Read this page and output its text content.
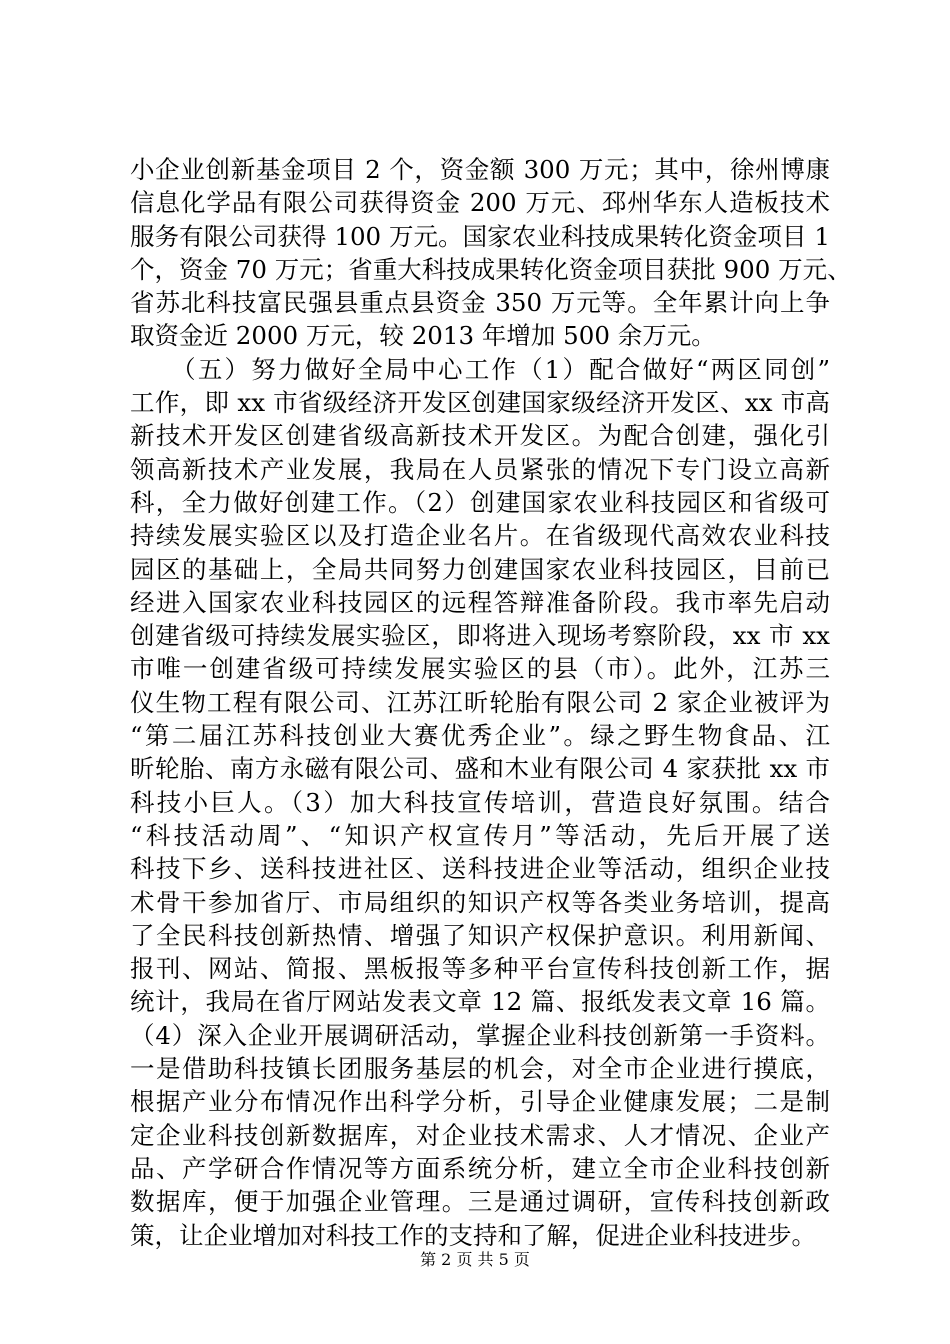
小企业创新基金项目 2 个，资金额 300 万元；其中，徐州博康
信息化学品有限公司获得资金 200 万元、邳州华东人造板技术
服务有限公司获得 100 万元。国家农业科技成果转化资金项目 1
个，资金 70 万元；省重大科技成果转化资金项目获批 900 万元、
省苏北科技富民强县重点县资金 350 万元等。全年累计向上争
取资金近 2000 万元，较 2013 年增加 500 余万元。
　　（五）努力做好全局中心工作（1）配合做好“两区同创”
工作，即 xx 市省级经济开发区创建国家级经济开发区、xx 市高
新技术开发区创建省级高新技术开发区。为配合创建，强化引
领高新技术产业发展，我局在人员紧张的情况下专门设立高新
科，全力做好创建工作。（2）创建国家农业科技园区和省级可
持续发展实验区以及打造企业名片。在省级现代高效农业科技
园区的基础上，全局共同努力创建国家农业科技园区，目前已
经进入国家农业科技园区的远程答辩准备阶段。我市率先启动
创建省级可持续发展实验区，即将进入现场考察阶段，xx 市 xx
市唯一创建省级可持续发展实验区的县（市）。此外，江苏三
仪生物工程有限公司、江苏江昕轮胎有限公司 2 家企业被评为
“第二届江苏科技创业大赛优秀企业”。绿之野生物食品、江
昕轮胎、南方永磁有限公司、盛和木业有限公司 4 家获批 xx 市
科技小巨人。（3）加大科技宣传培训，营造良好氛围。结合
“科技活动周”、“知识产权宣传月”等活动，先后开展了送
科技下乡、送科技进社区、送科技进企业等活动，组织企业技
术骨干参加省厅、市局组织的知识产权等各类业务培训，提高
了全民科技创新热情、增强了知识产权保护意识。利用新闻、
报刊、网站、简报、黑板报等多种平台宣传科技创新工作，据
统计，我局在省厅网站发表文章 12 篇、报纸发表文章 16 篇。
（4）深入企业开展调研活动，掌握企业科技创新第一手资料。
一是借助科技镇长团服务基层的机会，对全市企业进行摸底，
根据产业分布情况作出科学分析，引导企业健康发展；二是制
定企业科技创新数据库，对企业技术需求、人才情况、企业产
品、产学研合作情况等方面系统分析，建立全市企业科技创新
数据库，便于加强企业管理。三是通过调研，宣传科技创新政
策，让企业增加对科技工作的支持和了解，促进企业科技进步。
第 2 页 共 5 页
